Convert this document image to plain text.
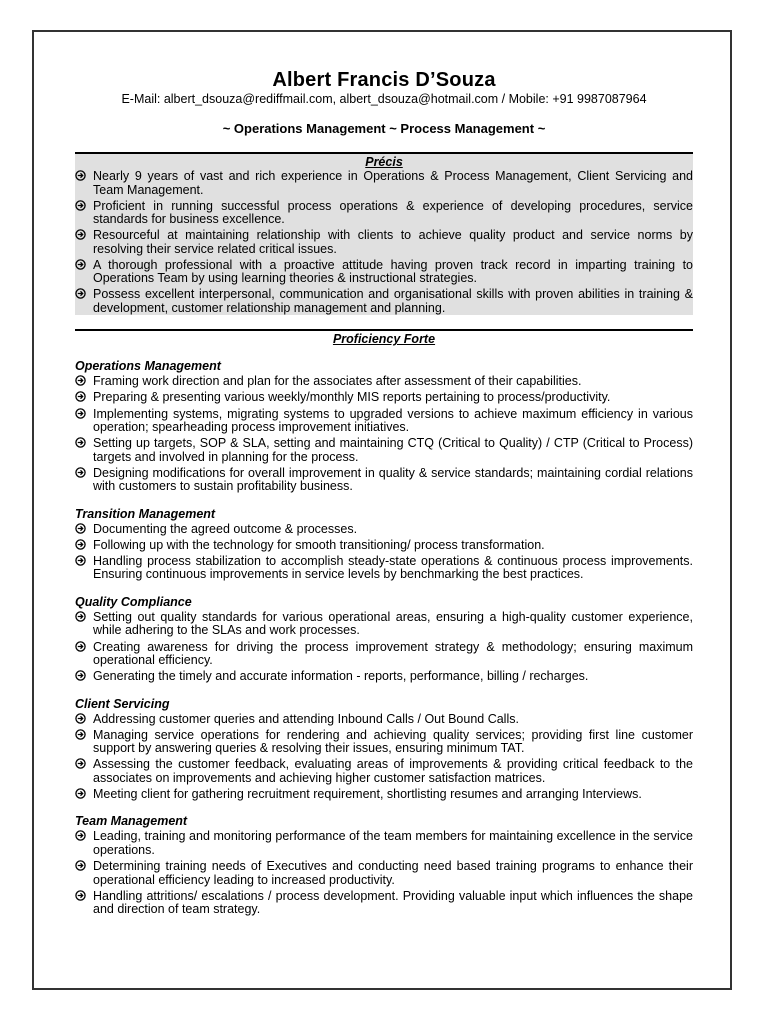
Albert Francis D’Souza

E-Mail: albert_dsouza@rediffmail.com, albert_dsouza@hotmail.com / Mobile: +91 9987087964

~ Operations Management ~ Process Management ~
Précis
Nearly 9 years of vast and rich experience in Operations & Process Management, Client Servicing and Team Management.
Proficient in running successful process operations & experience of developing procedures, service standards for business excellence.
Resourceful at maintaining relationship with clients to achieve quality product and service norms by resolving their service related critical issues.
A thorough professional with a proactive attitude having proven track record in imparting training to Operations Team by using learning theories & instructional strategies.
Possess excellent interpersonal, communication and organisational skills with proven abilities in training & development, customer relationship management and planning.
Proficiency Forte
Operations Management
Framing work direction and plan for the associates after assessment of their capabilities.
Preparing & presenting various weekly/monthly MIS reports pertaining to process/productivity.
Implementing systems, migrating systems to upgraded versions to achieve maximum efficiency in various operation; spearheading process improvement initiatives.
Setting up targets, SOP & SLA, setting and maintaining CTQ (Critical to Quality) / CTP (Critical to Process) targets and involved in planning for the process.
Designing modifications for overall improvement in quality & service standards; maintaining cordial relations with customers to sustain profitability business.
Transition Management
Documenting the agreed outcome & processes.
Following up with the technology for smooth transitioning/ process transformation.
Handling process stabilization to accomplish steady-state operations & continuous process improvements. Ensuring continuous improvements in service levels by benchmarking the best practices.
Quality Compliance
Setting out quality standards for various operational areas, ensuring a high-quality customer experience, while adhering to the SLAs and work processes.
Creating awareness for driving the process improvement strategy & methodology; ensuring maximum operational efficiency.
Generating the timely and accurate information - reports, performance, billing / recharges.
Client Servicing
Addressing customer queries and attending Inbound Calls / Out Bound Calls.
Managing service operations for rendering and achieving quality services; providing first line customer support by answering queries & resolving their issues, ensuring minimum TAT.
Assessing the customer feedback, evaluating areas of improvements & providing critical feedback to the associates on improvements and achieving higher customer satisfaction matrices.
Meeting client for gathering recruitment requirement, shortlisting resumes and arranging Interviews.
Team Management
Leading, training and monitoring performance of the team members for maintaining excellence in the service operations.
Determining training needs of Executives and conducting need based training programs to enhance their operational efficiency leading to increased productivity.
Handling attritions/ escalations / process development. Providing valuable input which influences the shape and direction of team strategy.
